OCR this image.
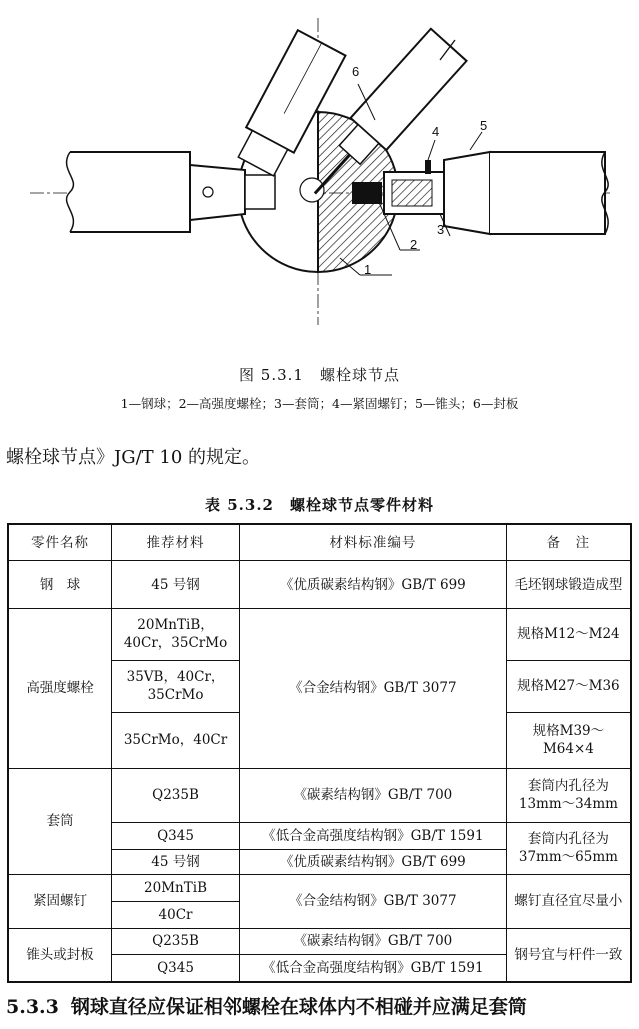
1
2
3
4	5
6
图 5.3.1　螺栓球节点
1—钢球；2—高强度螺栓；3—套筒；4—紧固螺钉；5—锥头；6—封板
螺栓球节点》JG/T 10 的规定。
表 5.3.2　螺栓球节点零件材料
零件名称	推荐材料	材料标准编号	备　注
钢　球	45 号钢	《优质碳素结构钢》GB/T 699	毛坯钢球锻造成型
高强度螺栓	20MnTiB，40Cr，35CrMo	《合金结构钢》GB/T 3077	规格M12～M24
	35VB，40Cr，35CrMo		规格M27～M36
	35CrMo，40Cr		规格M39～M64×4
套筒	Q235B	《碳素结构钢》GB/T 700	套筒内孔径为13mm～34mm
	Q345	《低合金高强度结构钢》GB/T 1591	套筒内孔径为37mm～65mm
	45 号钢	《优质碳素结构钢》GB/T 699	
紧固螺钉	20MnTiB	《合金结构钢》GB/T 3077	螺钉直径宜尽量小
	40Cr		
锥头或封板	Q235B	《碳素结构钢》GB/T 700	钢号宜与杆件一致
	Q345	《低合金高强度结构钢》GB/T 1591	
5.3.3 钢球直径应保证相邻螺栓在球体内不相碰并应满足套筒
